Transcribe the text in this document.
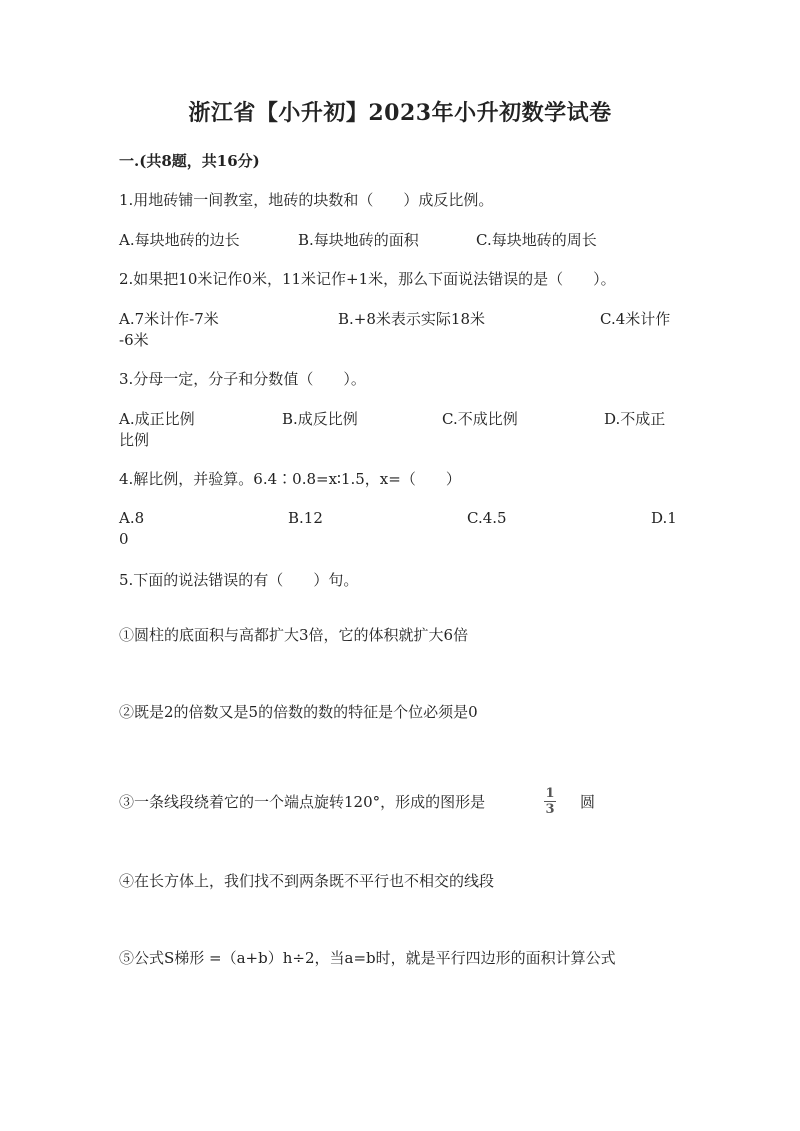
浙江省【小升初】2023年小升初数学试卷
一.(共8题，共16分)
1.用地砖铺一间教室，地砖的块数和（　　）成反比例。
A.每块地砖的边长	B.每块地砖的面积	C.每块地砖的周长
2.如果把10米记作0米，11米记作+1米，那么下面说法错误的是（　　）。
A.7米计作-7米	B.+8米表示实际18米	C.4米计作
-6米
3.分母一定，分子和分数值（　　）。
A.成正比例	B.成反比例	C.不成比例	D.不成正
比例
4.解比例，并验算。6.4∶0.8=x∶1.5，x=（　　）
A.8	B.12	C.4.5	D.1
0
5.下面的说法错误的有（　　）句。
①圆柱的底面积与高都扩大3倍，它的体积就扩大6倍
②既是2的倍数又是5的倍数的数的特征是个位必须是0
③一条线段绕着它的一个端点旋转120°，形成的图形是	1
3	圆
④在长方体上，我们找不到两条既不平行也不相交的线段
⑤公式S梯形 =（a+b）h÷2，当a=b时，就是平行四边形的面积计算公式
